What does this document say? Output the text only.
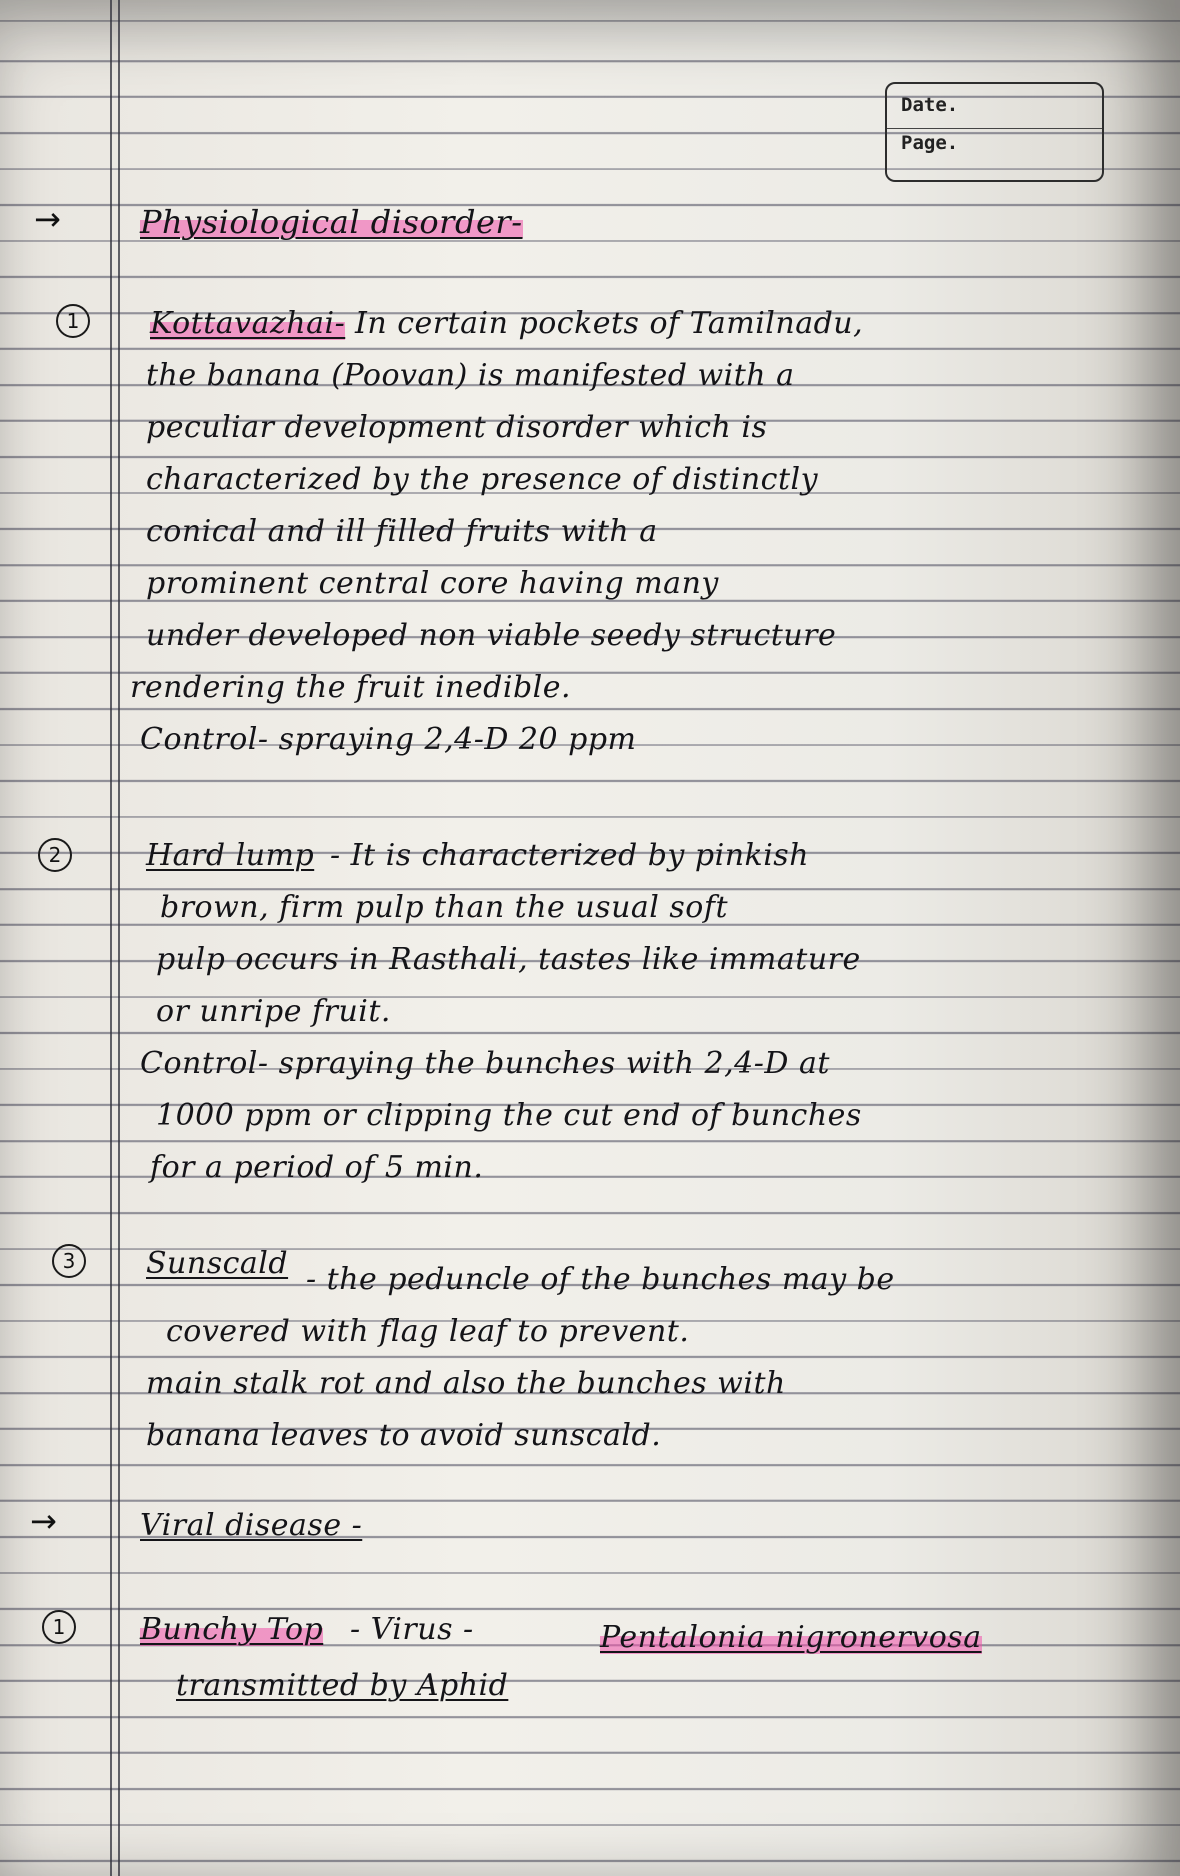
Date.
Page.
→ Physiological disorder-
1	Kottavazhai- In certain pockets of Tamilnadu,
the banana (Poovan) is manifested with a
peculiar development disorder which is
characterized by the presence of distinctly
conical and ill filled fruits with a
prominent central core having many
under developed non viable seedy structure
rendering the fruit inedible.
Control- spraying 2,4-D 20 ppm
2	Hard lump - It is characterized by pinkish
brown, firm pulp than the usual soft
pulp occurs in Rasthali, tastes like immature
or unripe fruit.
Control- spraying the bunches with 2,4-D at
1000 ppm or clipping the cut end of bunches
for a period of 5 min.
3	Sunscald - the peduncle of the bunches may be
covered with flag leaf to prevent.
main stalk rot and also the bunches with
banana leaves to avoid sunscald.
→	Viral disease -
1	Bunchy Top - Virus -	Pentalonia nigronervosa
transmitted by Aphid
